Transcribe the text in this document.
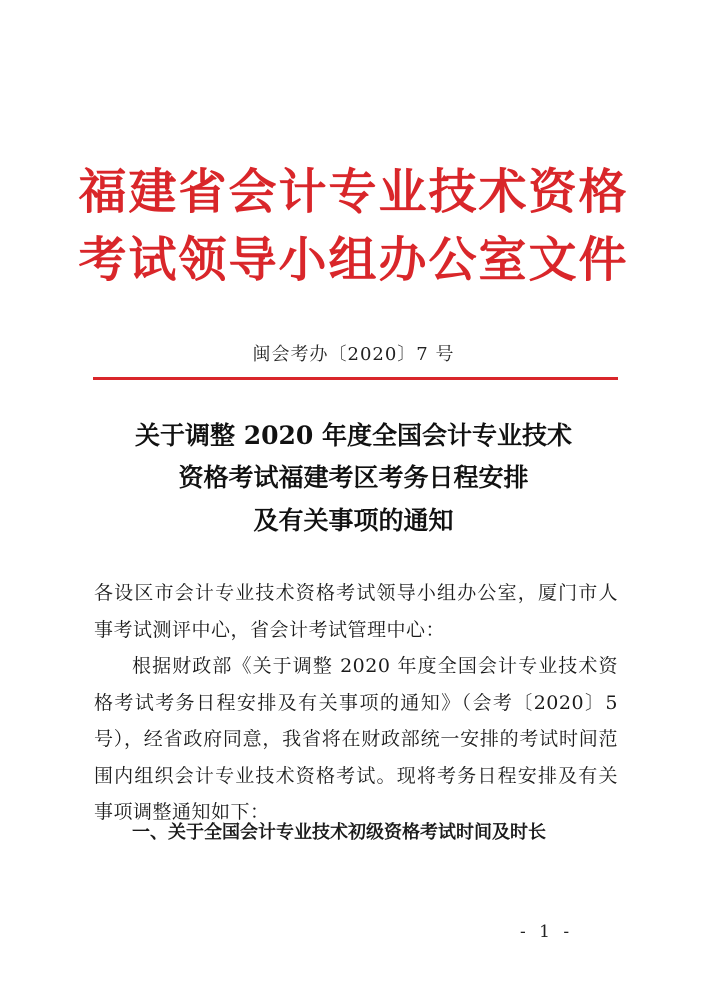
福建省会计专业技术资格
考试领导小组办公室文件
闽会考办〔2020〕7 号
关于调整 2020 年度全国会计专业技术
资格考试福建考区考务日程安排
及有关事项的通知

各设区市会计专业技术资格考试领导小组办公室，厦门市人事考试测评中心，省会计考试管理中心：

根据财政部《关于调整 2020 年度全国会计专业技术资格考试考务日程安排及有关事项的通知》（会考〔2020〕5 号），经省政府同意，我省将在财政部统一安排的考试时间范围内组织会计专业技术资格考试。现将考务日程安排及有关事项调整通知如下：

一、关于全国会计专业技术初级资格考试时间及时长
- 1 -
